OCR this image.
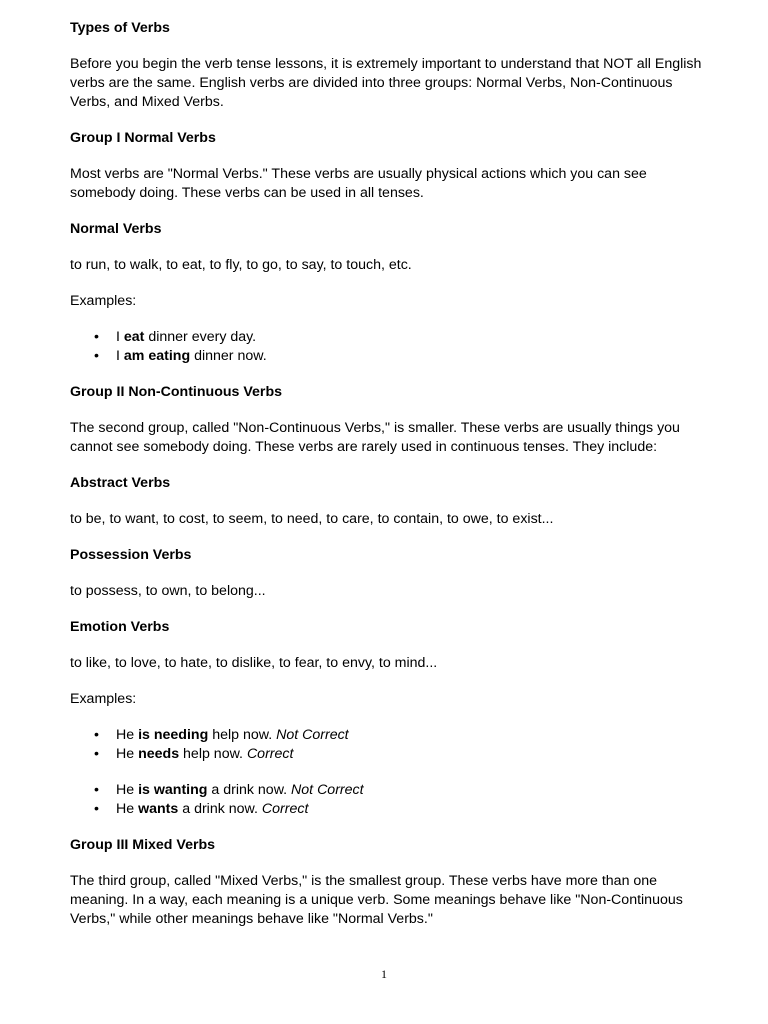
Types of Verbs

Before you begin the verb tense lessons, it is extremely important to understand that NOT all English verbs are the same. English verbs are divided into three groups: Normal Verbs, Non-Continuous Verbs, and Mixed Verbs.

Group I Normal Verbs

Most verbs are "Normal Verbs." These verbs are usually physical actions which you can see somebody doing. These verbs can be used in all tenses.

Normal Verbs

to run, to walk, to eat, to fly, to go, to say, to touch, etc.

Examples:

• I eat dinner every day.
• I am eating dinner now.
Group II Non-Continuous Verbs

The second group, called "Non-Continuous Verbs," is smaller. These verbs are usually things you cannot see somebody doing. These verbs are rarely used in continuous tenses. They include:

Abstract Verbs

to be, to want, to cost, to seem, to need, to care, to contain, to owe, to exist...

Possession Verbs

to possess, to own, to belong...

Emotion Verbs

to like, to love, to hate, to dislike, to fear, to envy, to mind...

Examples:

• He is needing help now. Not Correct
• He needs help now. Correct
• He is wanting a drink now. Not Correct
• He wants a drink now. Correct
Group III Mixed Verbs

The third group, called "Mixed Verbs," is the smallest group. These verbs have more than one meaning. In a way, each meaning is a unique verb. Some meanings behave like "Non-Continuous Verbs," while other meanings behave like "Normal Verbs."

1
